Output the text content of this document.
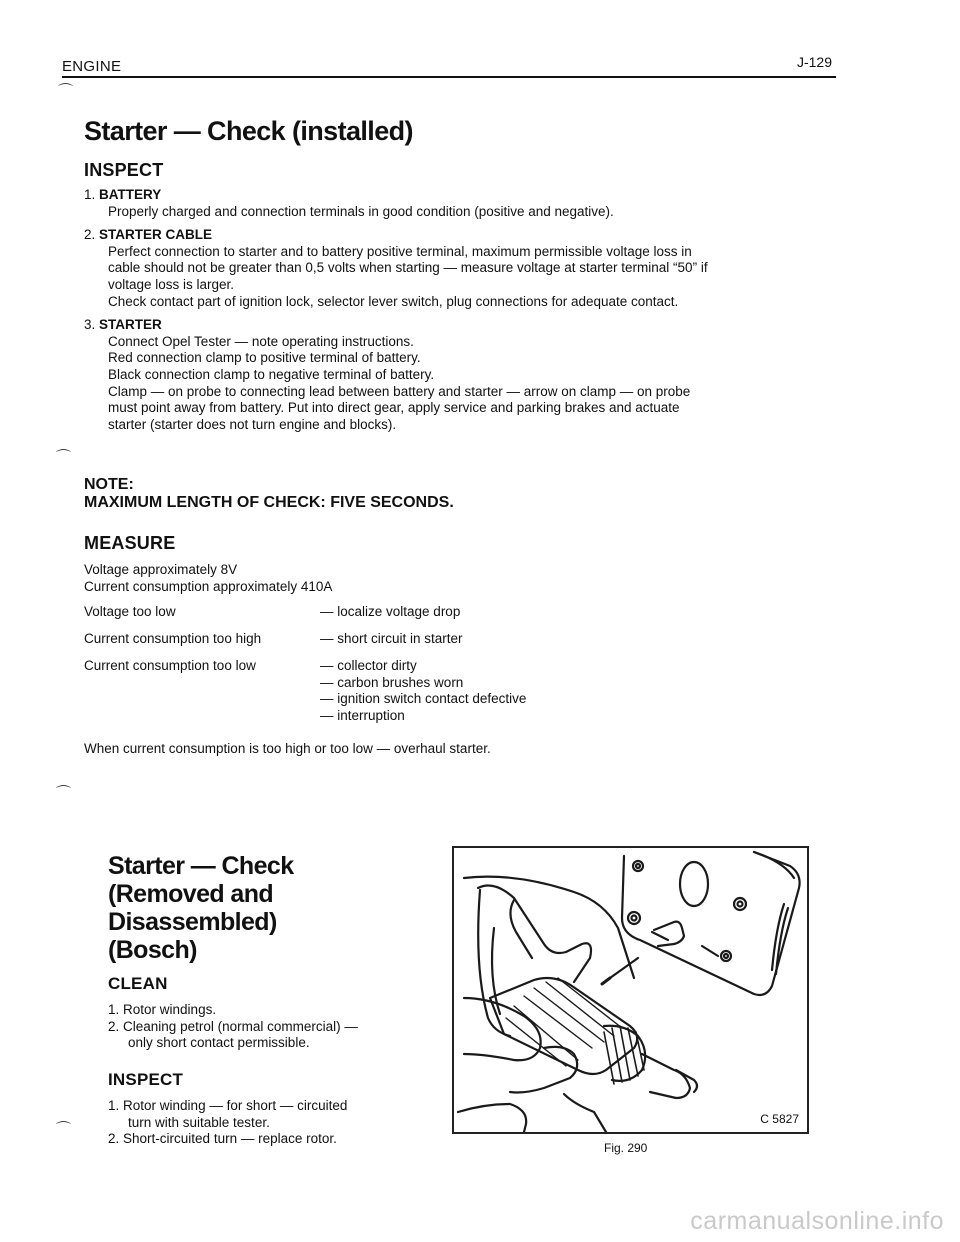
ENGINE	J-129
⌒
⌒
⌒
⌒
Starter — Check (installed)
INSPECT
1. BATTERY
Properly charged and connection terminals in good condition (positive and negative).
2. STARTER CABLE
Perfect connection to starter and to battery positive terminal, maximum permissible voltage loss in
cable should not be greater than 0,5 volts when starting — measure voltage at starter terminal “50” if
voltage loss is larger.
Check contact part of ignition lock, selector lever switch, plug connections for adequate contact.
3. STARTER
Connect Opel Tester — note operating instructions.
Red connection clamp to positive terminal of battery.
Black connection clamp to negative terminal of battery.
Clamp — on probe to connecting lead between battery and starter — arrow on clamp — on probe
must point away from battery. Put into direct gear, apply service and parking brakes and actuate
starter (starter does not turn engine and blocks).
NOTE:
MAXIMUM LENGTH OF CHECK: FIVE SECONDS.
MEASURE
Voltage approximately 8V
Current consumption approximately 410A
Voltage too low	— localize voltage drop
Current consumption too high	— short circuit in starter
Current consumption too low	— collector dirty
— carbon brushes worn
— ignition switch contact defective
— interruption
When current consumption is too high or too low — overhaul starter.
Starter — Check
(Removed and
Disassembled)
(Bosch)
CLEAN
1. Rotor windings.
2. Cleaning petrol (normal commercial) —
only short contact permissible.
INSPECT
1. Rotor winding — for short — circuited
turn with suitable tester.
2. Short-circuited turn — replace rotor.
C 5827
Fig. 290
carmanualsonline.info
